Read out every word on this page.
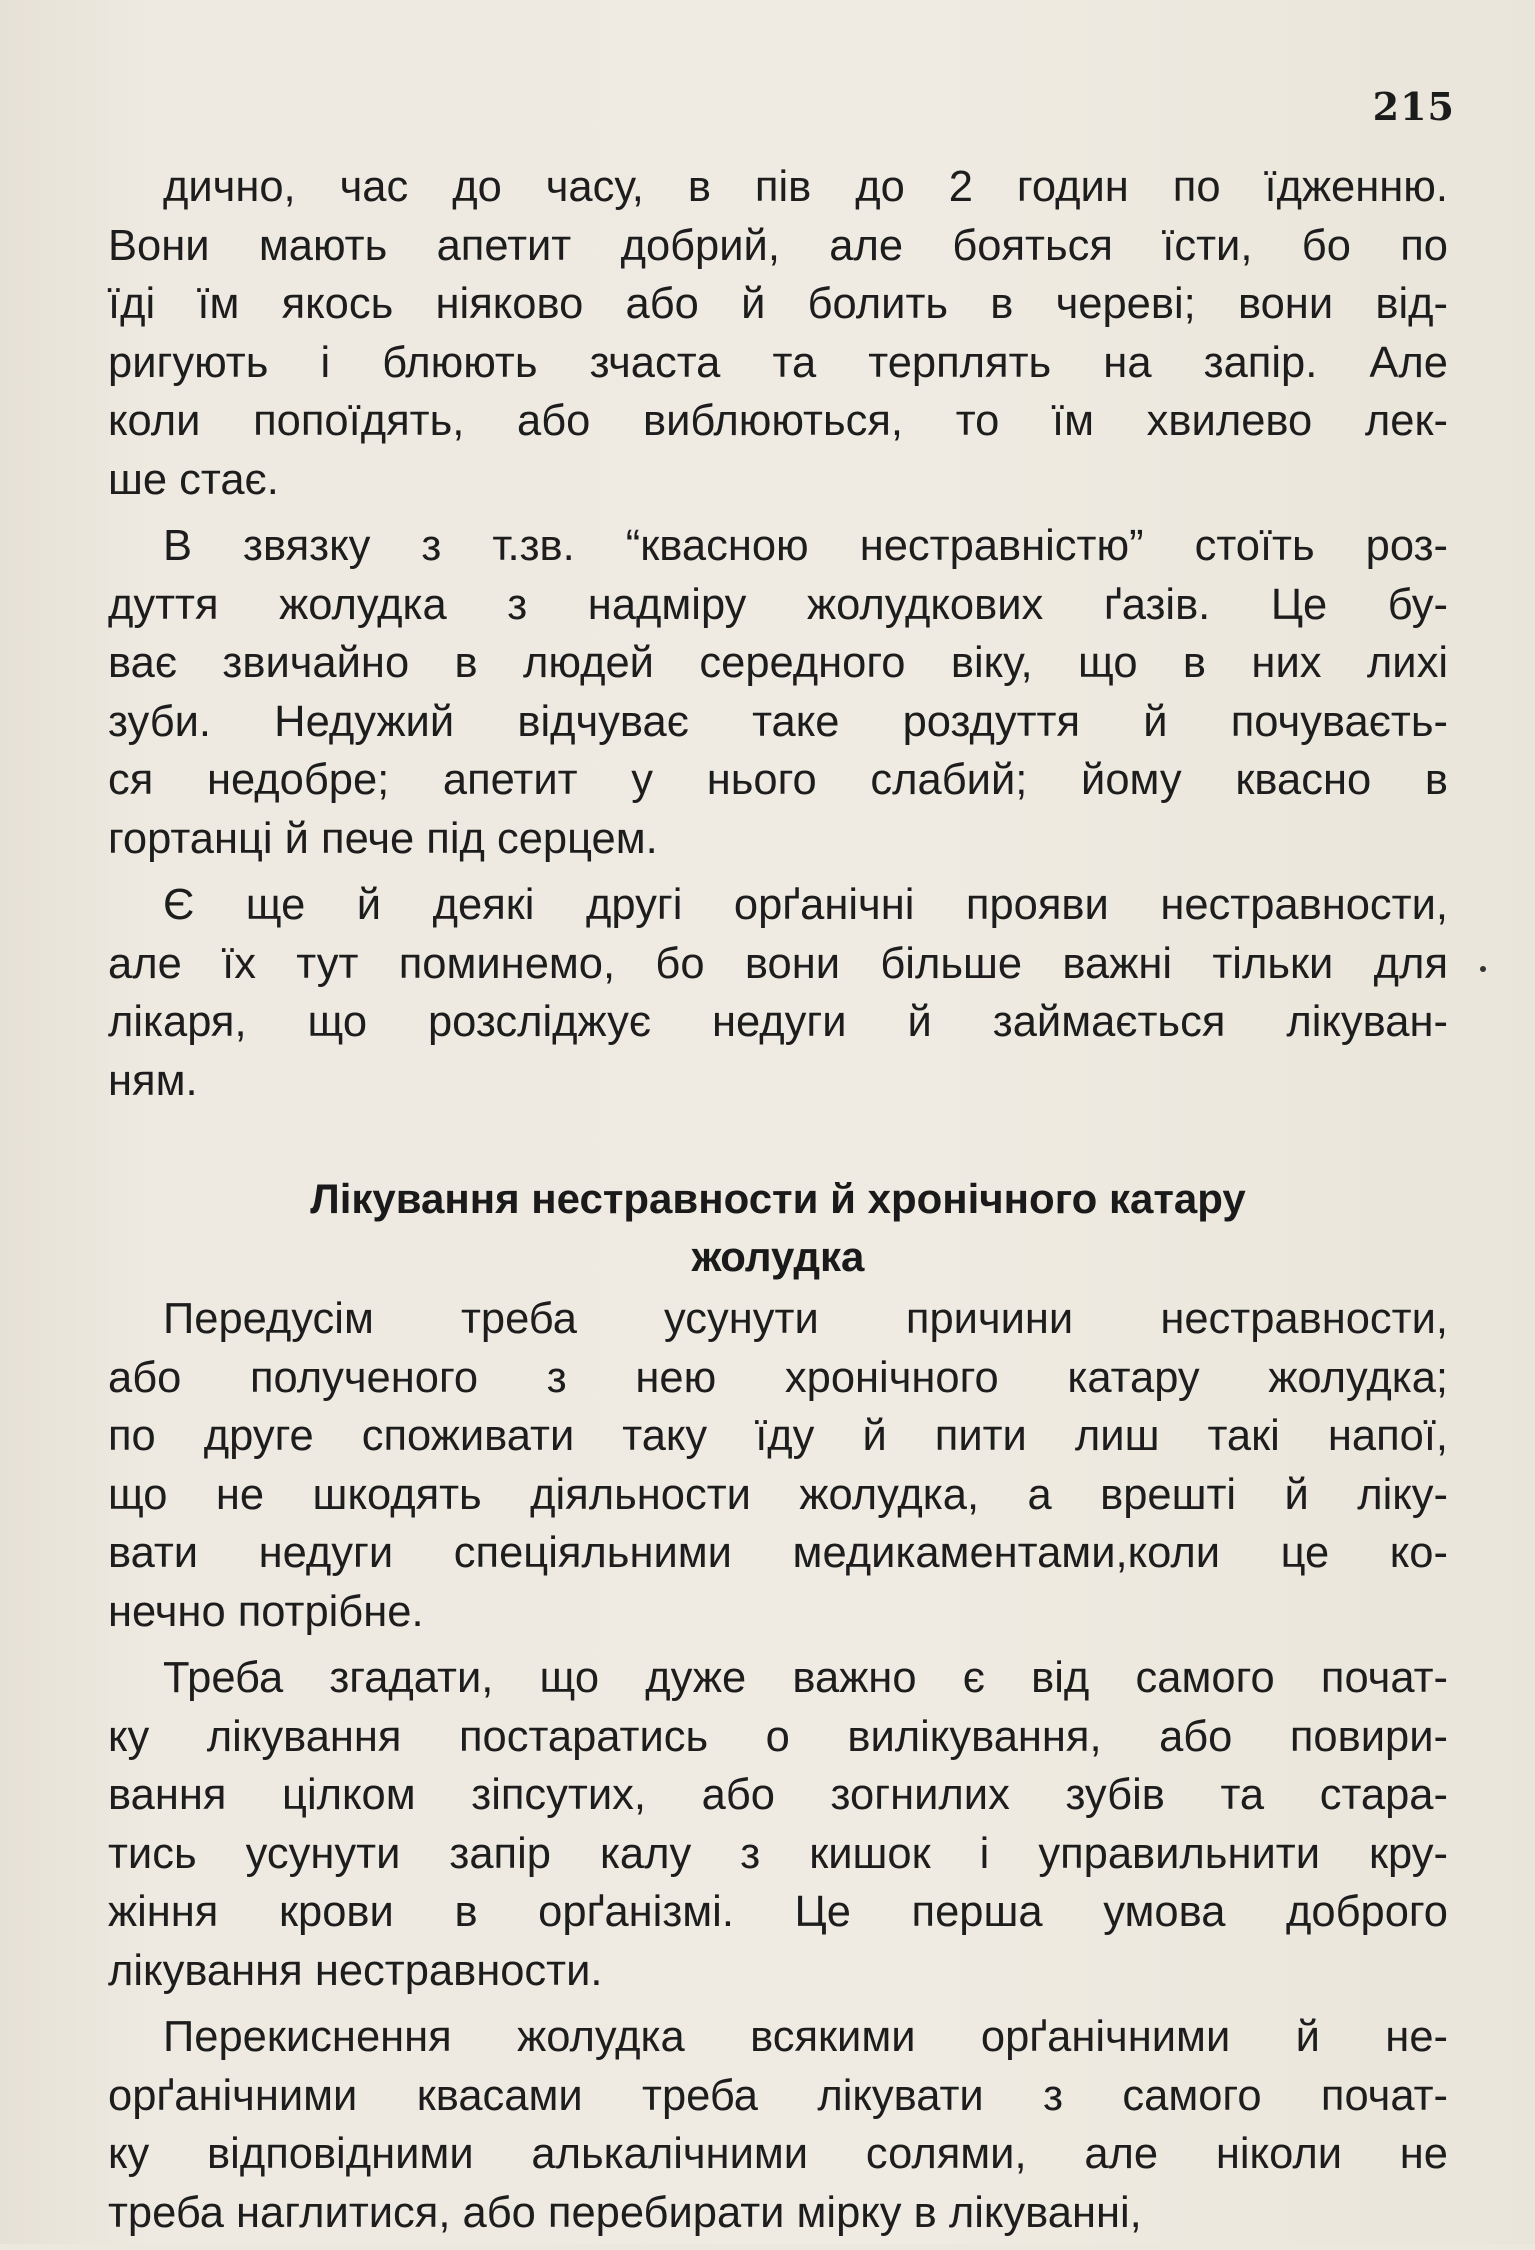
215
дично, час до часу, в пів до 2 годин по їдженню.
Вони мають апетит добрий, але бояться їсти, бо по
їді їм якось ніяково або й болить в череві; вони від-
ригують і блюють зчаста та терплять на запір. Але
коли попоїдять, або виблюються, то їм хвилево лек-
ше стає.
В звязку з т.зв. “квасною нестравністю” стоїть роз-
дуття жолудка з надміру жолудкових ґазів. Це бу-
ває звичайно в людей середного віку, що в них лихі
зуби. Недужий відчуває таке роздуття й почуваєть-
ся недобре; апетит у нього слабий; йому квасно в
гортанці й пече під серцем.
Є ще й деякі другі орґанічні прояви нестравности,
але їх тут поминемо, бо вони більше важні тільки для
лікаря, що розсліджує недуги й займається лікуван-
ням.
Лікування нестравности й хронічного катару
жолудка
Передусім треба усунути причини нестравности,
або полученого з нею хронічного катару жолудка;
по друге споживати таку їду й пити лиш такі напої,
що не шкодять діяльности жолудка, а врешті й ліку-
вати недуги спеціяльними медикаментами,коли це ко-
нечно потрібне.
Треба згадати, що дуже важно є від самого почат-
ку лікування постаратись о вилікування, або повири-
вання цілком зіпсутих, або зогнилих зубів та стара-
тись усунути запір калу з кишок і управильнити кру-
жіння крови в орґанізмі. Це перша умова доброго
лікування нестравности.
Перекиснення жолудка всякими орґанічними й не-
орґанічними квасами треба лікувати з самого почат-
ку відповідними алькалічними солями, але ніколи не
треба наглитися, або перебирати мірку в лікуванні,
